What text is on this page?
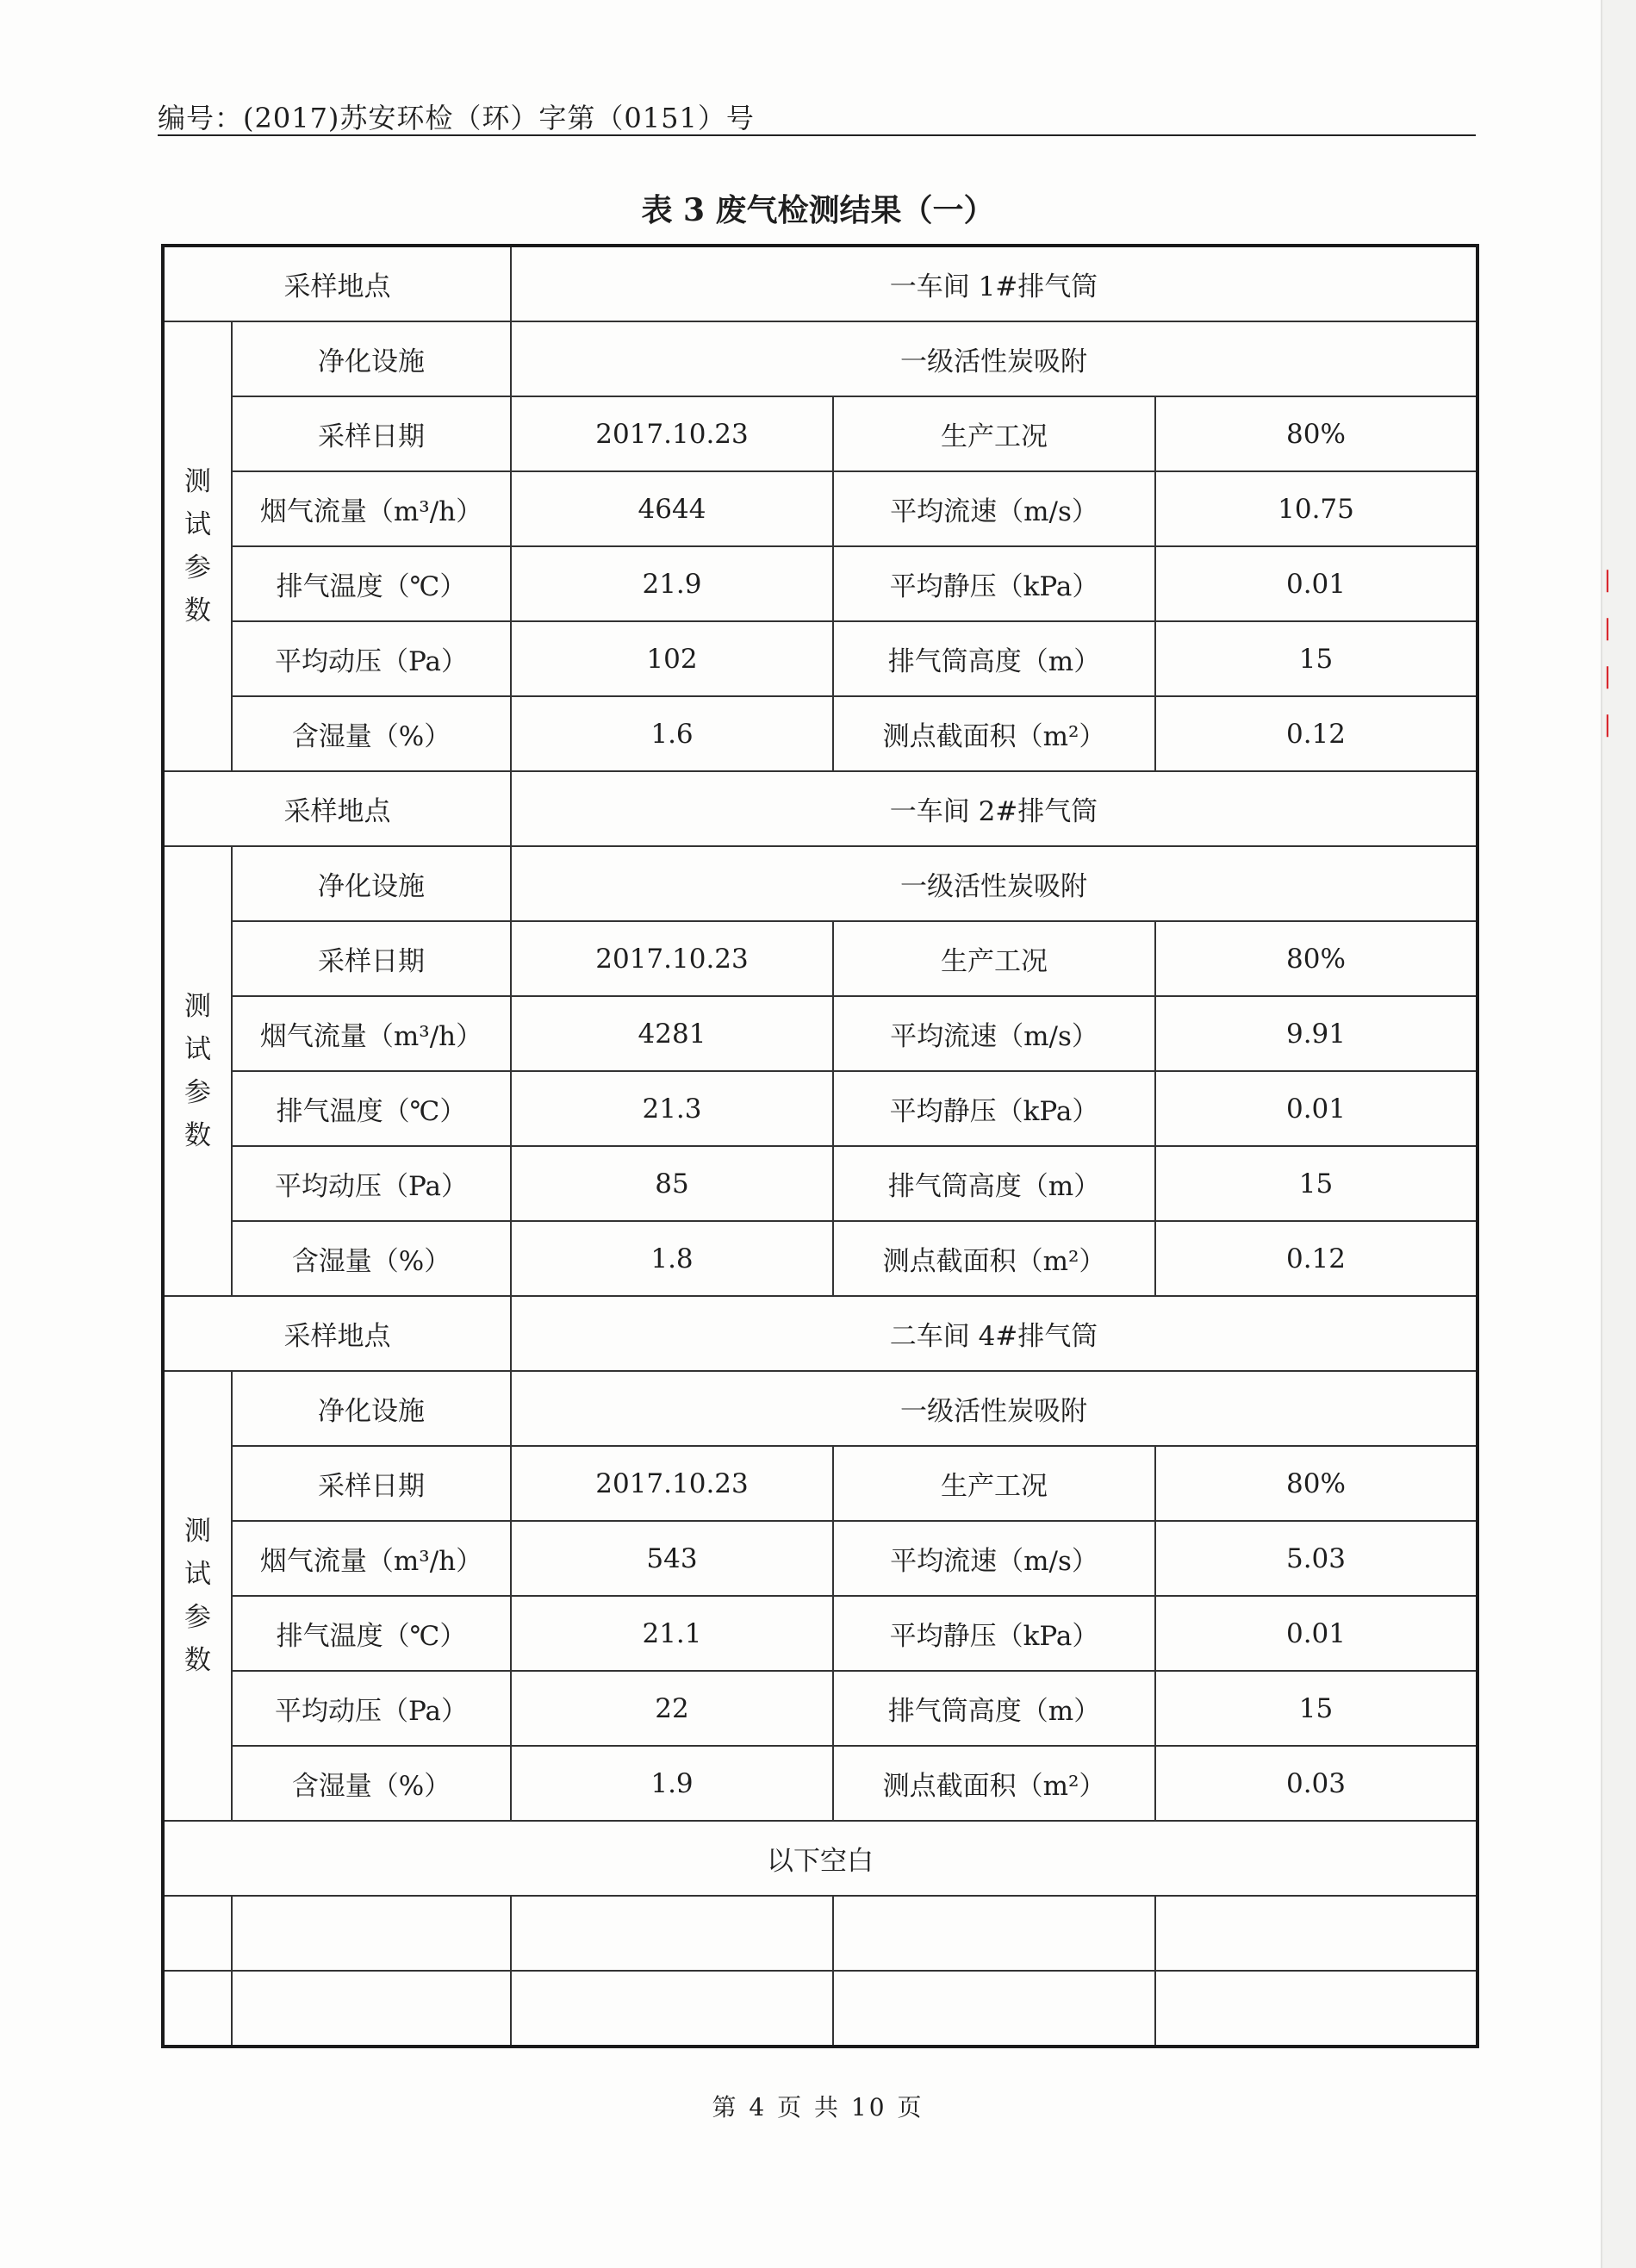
编号：(2017)苏安环检（环）字第（0151）号
表 3 废气检测结果（一）
❘
❘
❘
❘
采样地点		一车间 1#排气筒		
测
试
参
数	净化设施	一级活性炭吸附		
	采样日期	2017.10.23	生产工况	80%
	烟气流量（m³/h）	4644	平均流速（m/s）	10.75
	排气温度（℃）	21.9	平均静压（kPa）	0.01
	平均动压（Pa）	102	排气筒高度（m）	15
	含湿量（%）	1.6	测点截面积（m²）	0.12
采样地点		一车间 2#排气筒		
测
试
参
数	净化设施	一级活性炭吸附		
	采样日期	2017.10.23	生产工况	80%
	烟气流量（m³/h）	4281	平均流速（m/s）	9.91
	排气温度（℃）	21.3	平均静压（kPa）	0.01
	平均动压（Pa）	85	排气筒高度（m）	15
	含湿量（%）	1.8	测点截面积（m²）	0.12
采样地点		二车间 4#排气筒		
测
试
参
数	净化设施	一级活性炭吸附		
	采样日期	2017.10.23	生产工况	80%
	烟气流量（m³/h）	543	平均流速（m/s）	5.03
	排气温度（℃）	21.1	平均静压（kPa）	0.01
	平均动压（Pa）	22	排气筒高度（m）	15
	含湿量（%）	1.9	测点截面积（m²）	0.03
以下空白				

第 4 页 共 10 页
